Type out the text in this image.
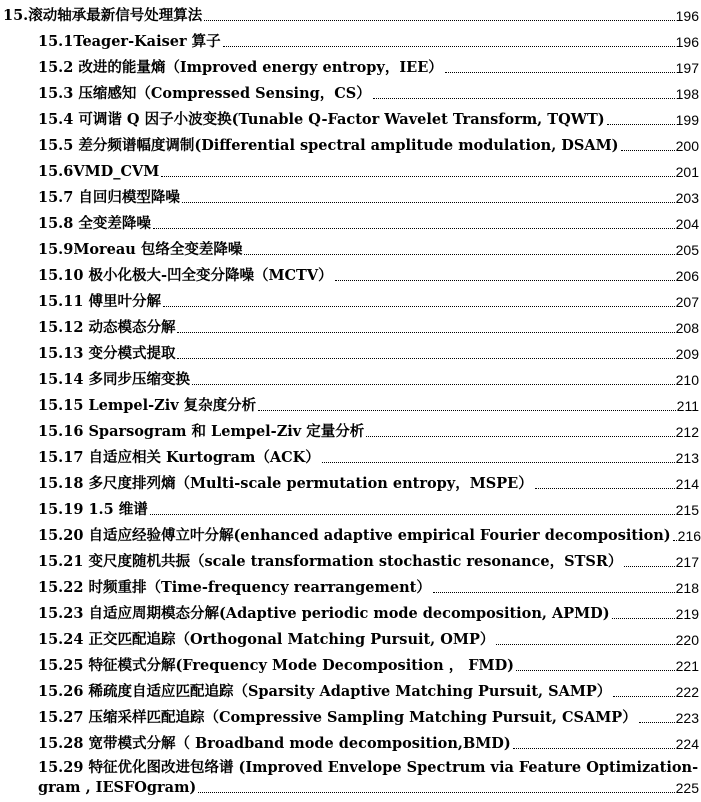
15.滚动轴承最新信号处理算法	196
15.1Teager-Kaiser 算子	196
15.2 改进的能量熵（Improved energy entropy，IEE）	197
15.3 压缩感知（Compressed Sensing，CS）	198
15.4 可调谐 Q 因子小波变换(Tunable Q-Factor Wavelet Transform, TQWT)	199
15.5 差分频谱幅度调制(Differential spectral amplitude modulation, DSAM)	200
15.6VMD_CVM	201
15.7 自回归模型降噪	203
15.8 全变差降噪	204
15.9Moreau 包络全变差降噪	205
15.10 极小化极大-凹全变分降噪（MCTV）	206
15.11 傅里叶分解	207
15.12 动态模态分解	208
15.13 变分模式提取	209
15.14 多同步压缩变换	210
15.15 Lempel-Ziv 复杂度分析	211
15.16 Sparsogram 和 Lempel-Ziv 定量分析	212
15.17 自适应相关 Kurtogram（ACK）	213
15.18 多尺度排列熵（Multi-scale permutation entropy，MSPE）	214
15.19 1.5 维谱	215
15.20 自适应经验傅立叶分解(enhanced adaptive empirical Fourier decomposition) 216
15.21 变尺度随机共振（scale transformation stochastic resonance，STSR）	217
15.22 时频重排（Time-frequency rearrangement）	218
15.23 自适应周期模态分解(Adaptive periodic mode decomposition, APMD)	219
15.24 正交匹配追踪（Orthogonal Matching Pursuit, OMP）	220
15.25 特征模式分解(Frequency Mode Decomposition ， FMD)	221
15.26 稀疏度自适应匹配追踪（Sparsity Adaptive Matching Pursuit, SAMP）	222
15.27 压缩采样匹配追踪（Compressive Sampling Matching Pursuit, CSAMP）	223
15.28 宽带模式分解（ Broadband mode decomposition,BMD)	224
15.29 特征优化图改进包络谱 (Improved Envelope Spectrum via Feature Optimization-
gram , IESFOgram)	225
